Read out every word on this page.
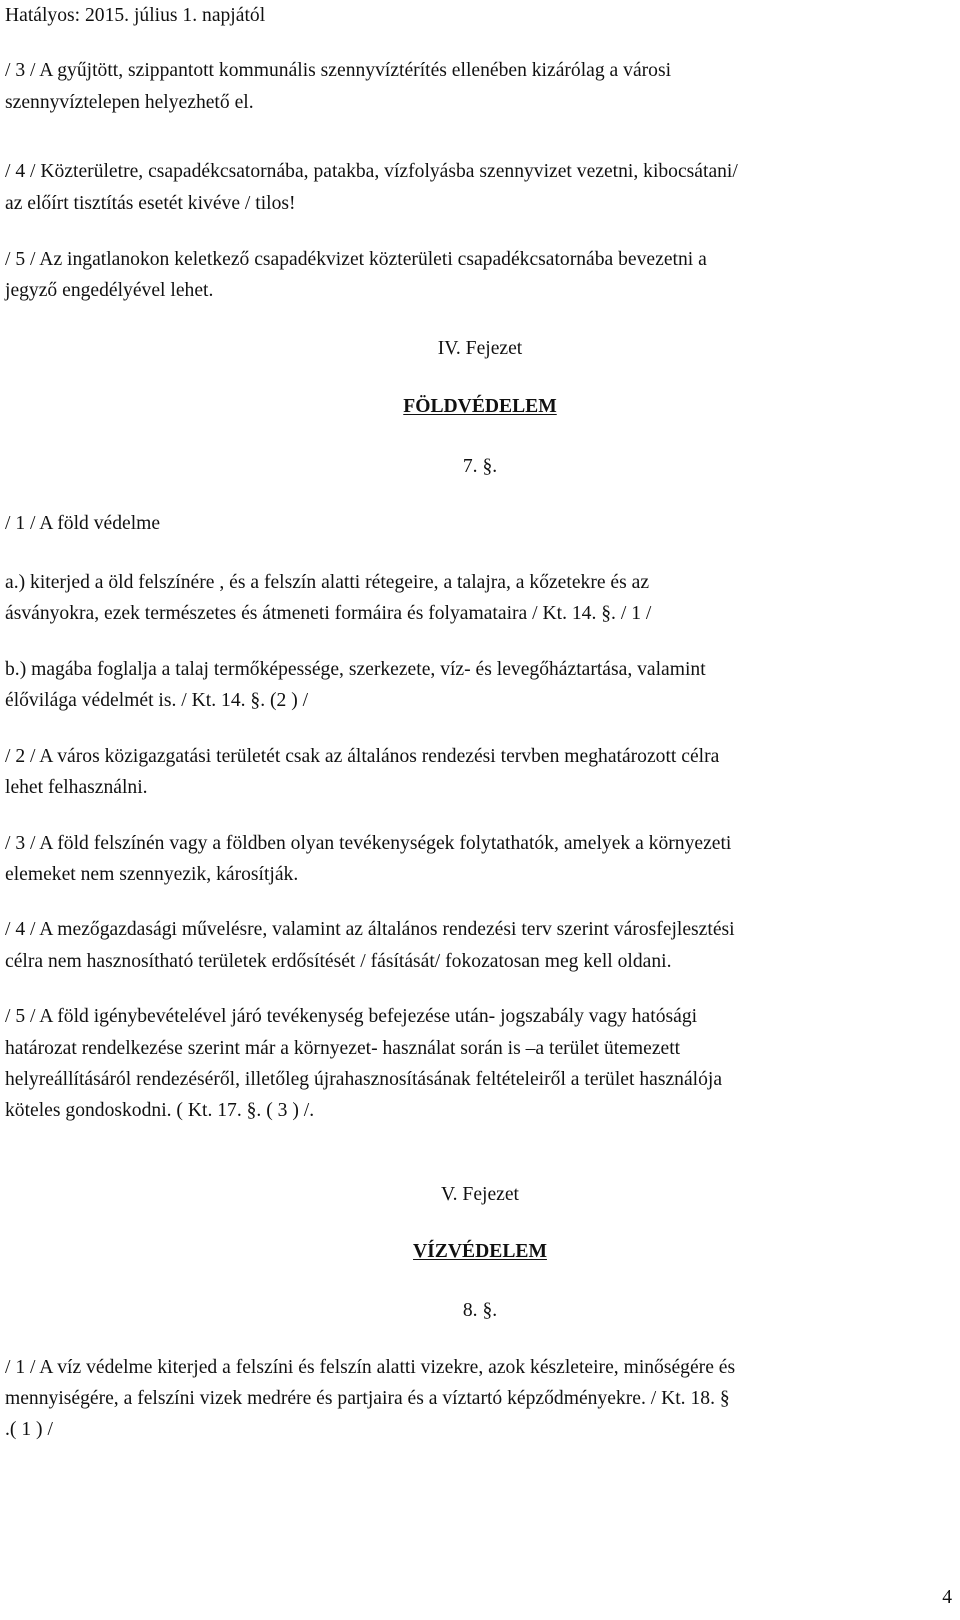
Hatályos: 2015. július 1. napjától
/ 3 / A gyűjtött, szippantott kommunális szennyvíztérítés ellenében kizárólag a városi
szennyvíztelepen helyezhető el.
/ 4 / Közterületre, csapadékcsatornába, patakba, vízfolyásba szennyvizet vezetni, kibocsátani/
az előírt tisztítás esetét kivéve / tilos!
/ 5 / Az ingatlanokon keletkező csapadékvizet közterületi csapadékcsatornába bevezetni a
jegyző engedélyével lehet.
IV. Fejezet
FÖLDVÉDELEM
7. §.
/ 1 / A föld védelme
a.) kiterjed a öld felszínére , és a felszín alatti rétegeire, a talajra, a kőzetekre és az
ásványokra, ezek természetes és átmeneti formáira és folyamataira / Kt. 14. §. / 1 /
b.) magába foglalja a talaj termőképessége, szerkezete, víz- és levegőháztartása, valamint
élővilága védelmét is. / Kt. 14. §. (2 ) /
/ 2 / A város közigazgatási területét csak az általános rendezési tervben meghatározott célra
lehet felhasználni.
/ 3 / A föld felszínén vagy a földben olyan tevékenységek folytathatók, amelyek a környezeti
elemeket nem szennyezik, károsítják.
/ 4 / A mezőgazdasági művelésre, valamint az általános rendezési terv szerint városfejlesztési
célra nem hasznosítható területek erdősítését / fásítását/ fokozatosan meg kell oldani.
/ 5 / A föld igénybevételével járó tevékenység befejezése után- jogszabály vagy hatósági
határozat rendelkezése szerint már a környezet- használat során is –a terület ütemezett
helyreállításáról rendezéséről, illetőleg újrahasznosításának feltételeiről a terület használója
köteles gondoskodni. ( Kt. 17. §. ( 3 ) /.
V. Fejezet
VÍZVÉDELEM
8. §.
/ 1 / A víz védelme kiterjed a felszíni és felszín alatti vizekre, azok készleteire, minőségére és
mennyiségére, a felszíni vizek medrére és partjaira és a víztartó képződményekre. / Kt. 18. §
.( 1 ) /
4
